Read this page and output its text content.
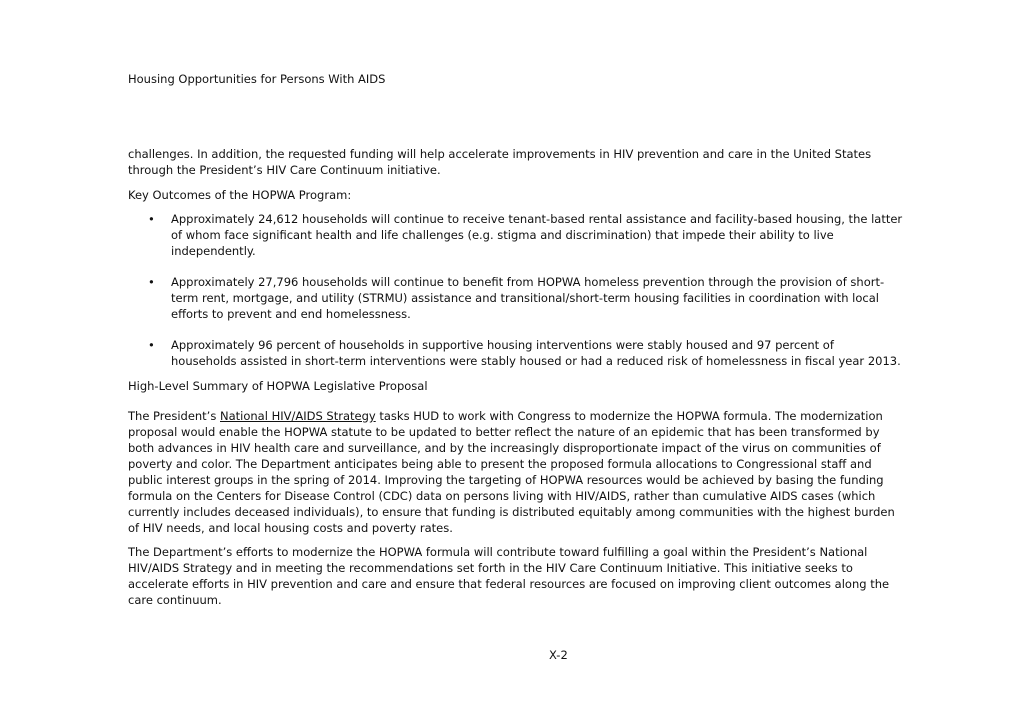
Housing Opportunities for Persons With AIDS

challenges. In addition, the requested funding will help accelerate improvements in HIV prevention and care in the United States through the President’s HIV Care Continuum initiative.

Key Outcomes of the HOPWA Program:

• Approximately 24,612 households will continue to receive tenant-based rental assistance and facility-based housing, the latter of whom face significant health and life challenges (e.g. stigma and discrimination) that impede their ability to live independently.
• Approximately 27,796 households will continue to benefit from HOPWA homeless prevention through the provision of short-term rent, mortgage, and utility (STRMU) assistance and transitional/short-term housing facilities in coordination with local efforts to prevent and end homelessness.
• Approximately 96 percent of households in supportive housing interventions were stably housed and 97 percent of households assisted in short-term interventions were stably housed or had a reduced risk of homelessness in fiscal year 2013.

High-Level Summary of HOPWA Legislative Proposal

The President’s National HIV/AIDS Strategy tasks HUD to work with Congress to modernize the HOPWA formula. The modernization proposal would enable the HOPWA statute to be updated to better reflect the nature of an epidemic that has been transformed by both advances in HIV health care and surveillance, and by the increasingly disproportionate impact of the virus on communities of poverty and color. The Department anticipates being able to present the proposed formula allocations to Congressional staff and public interest groups in the spring of 2014. Improving the targeting of HOPWA resources would be achieved by basing the funding formula on the Centers for Disease Control (CDC) data on persons living with HIV/AIDS, rather than cumulative AIDS cases (which currently includes deceased individuals), to ensure that funding is distributed equitably among communities with the highest burden of HIV needs, and local housing costs and poverty rates.

The Department’s efforts to modernize the HOPWA formula will contribute toward fulfilling a goal within the President’s National HIV/AIDS Strategy and in meeting the recommendations set forth in the HIV Care Continuum Initiative. This initiative seeks to accelerate efforts in HIV prevention and care and ensure that federal resources are focused on improving client outcomes along the care continuum.

X-2
